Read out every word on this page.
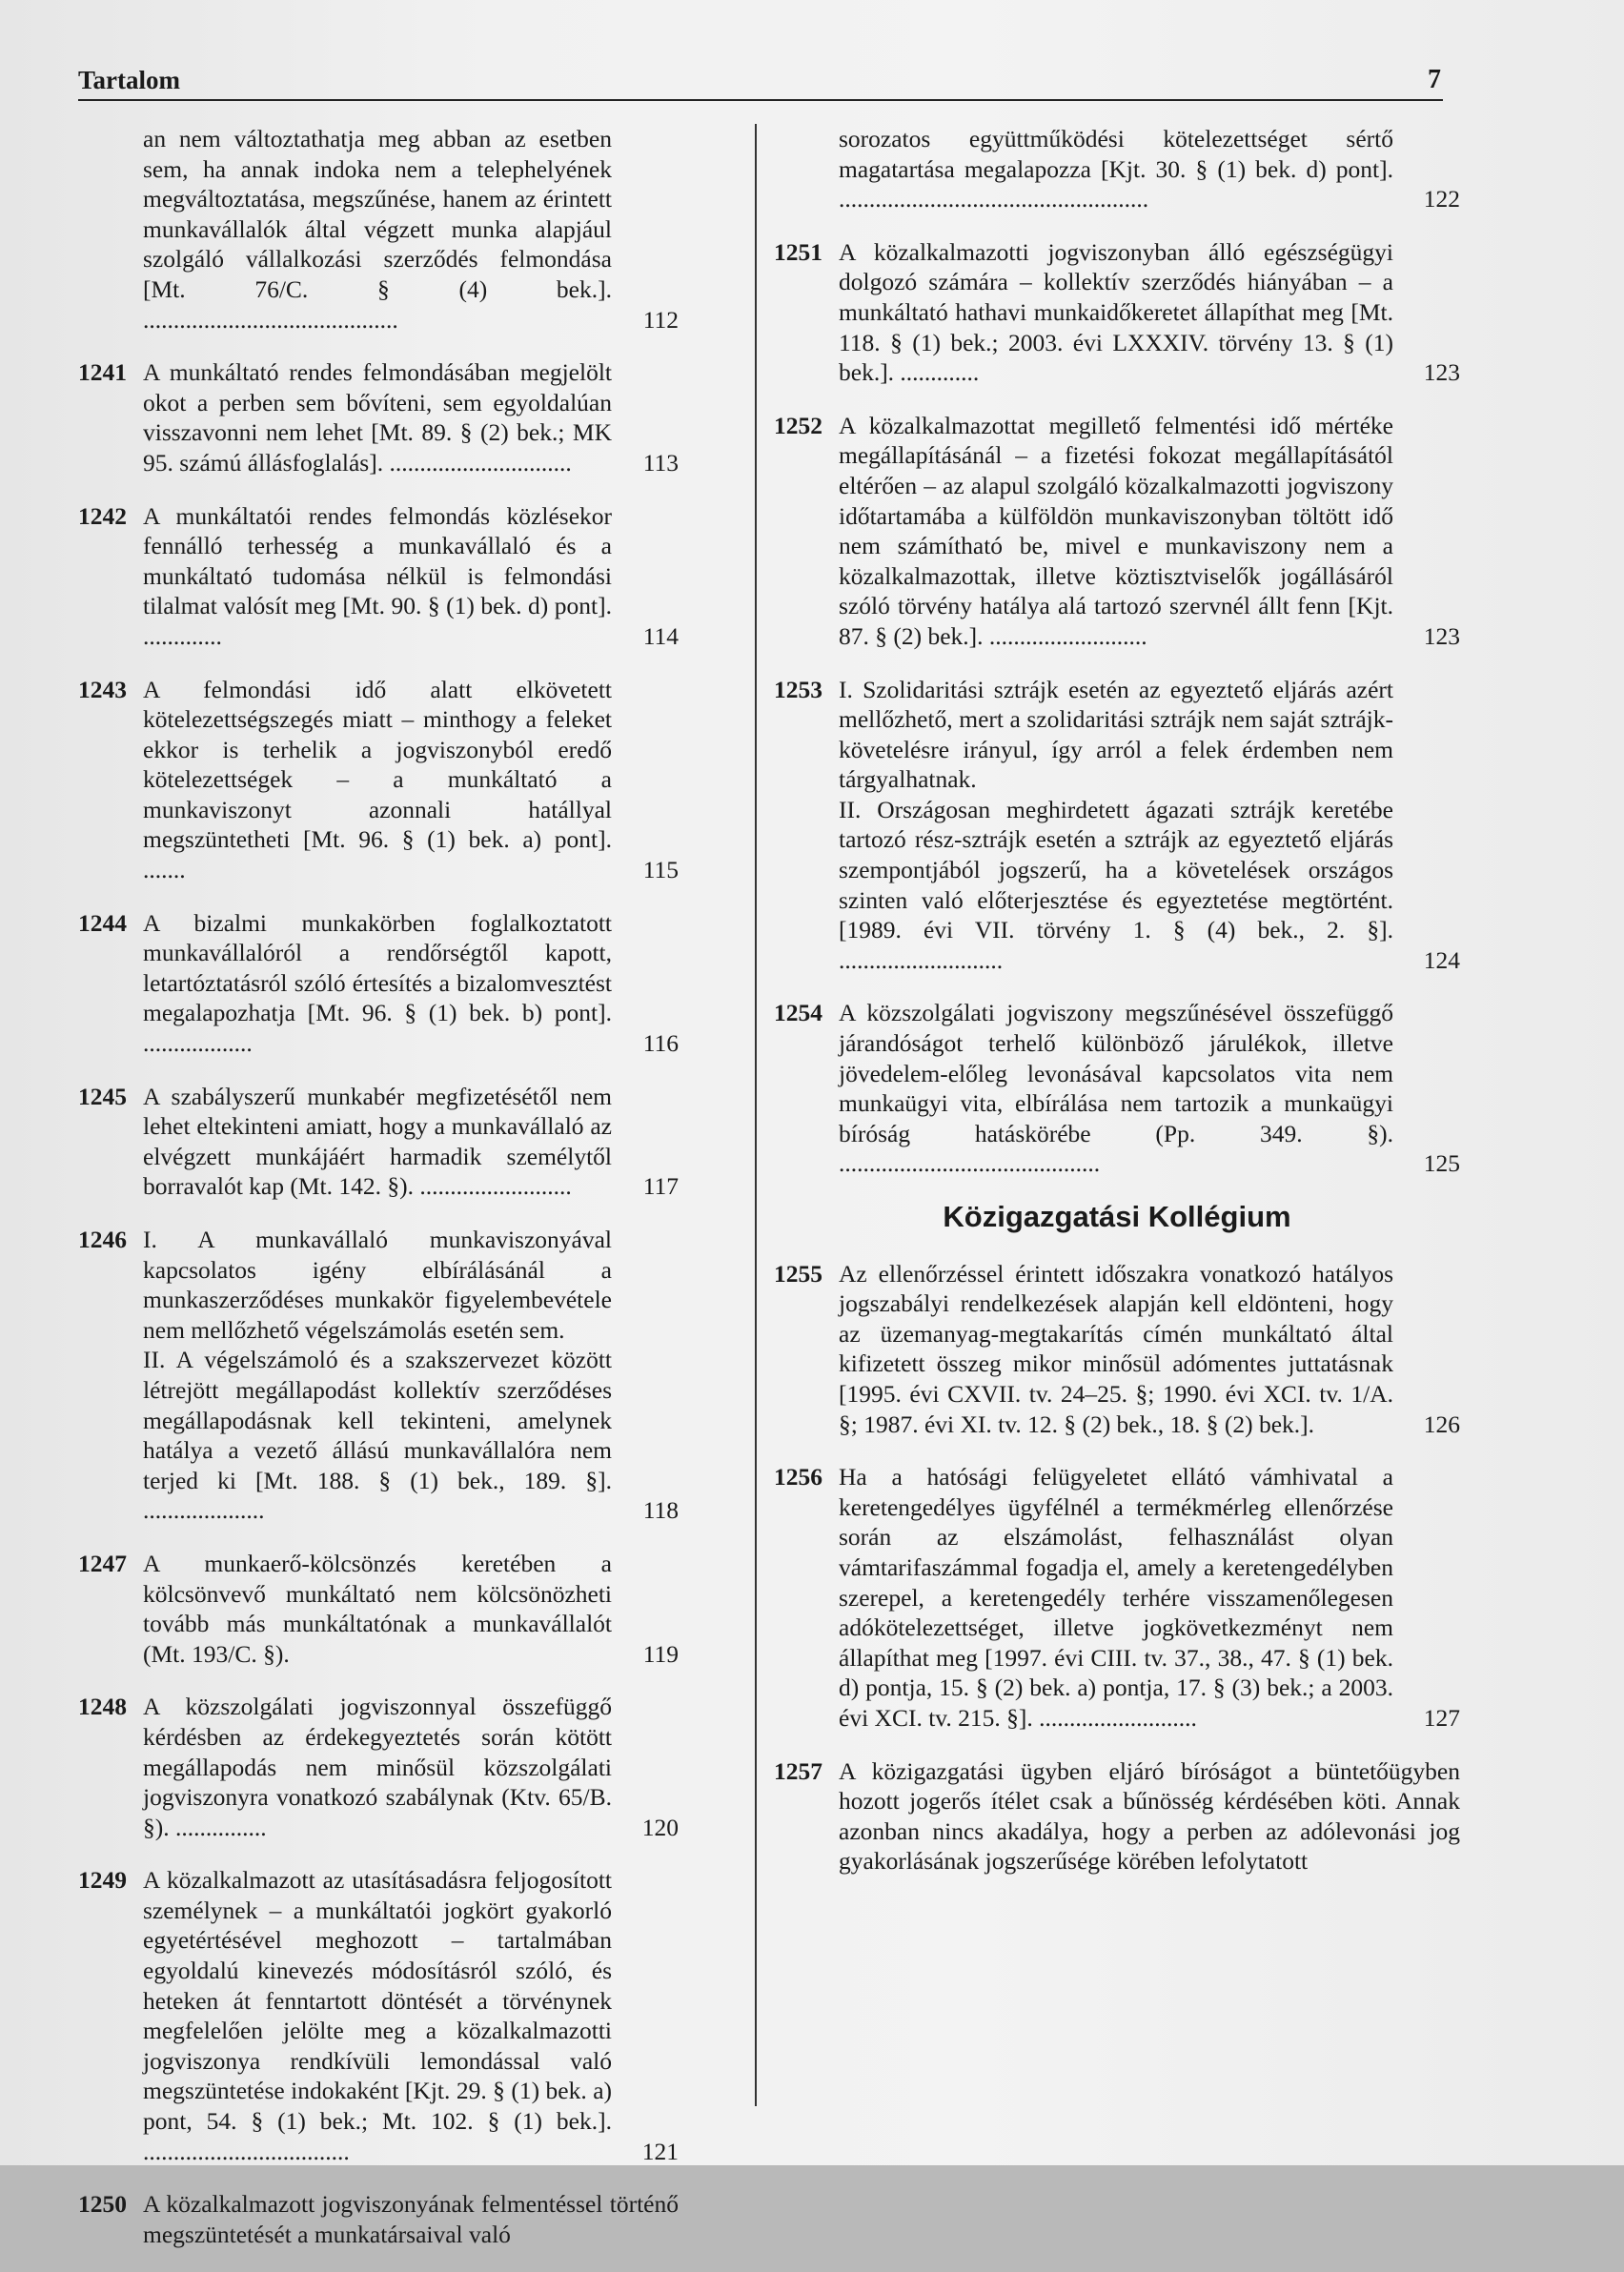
Tartalom	7

an nem változtathatja meg abban az esetben sem, ha annak indoka nem a telephelyének megváltoztatása, megszűnése, hanem az érintett munkavállalók által végzett munka alapjául szolgáló vállalkozási szerződés felmondása [Mt. 76/C. § (4) bek.]. ..........................................	112
1241 A munkáltató rendes felmondásában megjelölt okot a perben sem bővíteni, sem egyoldalúan visszavonni nem lehet [Mt. 89. § (2) bek.; MK 95. számú állásfoglalás]. ..............................	113
1242 A munkáltatói rendes felmondás közlésekor fennálló terhesség a munkavállaló és a munkáltató tudomása nélkül is felmondási tilalmat valósít meg [Mt. 90. § (1) bek. d) pont]. .............	114
1243 A felmondási idő alatt elkövetett kötelezettségszegés miatt – minthogy a feleket ekkor is terhelik a jogviszonyból eredő kötelezettségek – a munkáltató a munkaviszonyt azonnali hatállyal megszüntetheti [Mt. 96. § (1) bek. a) pont]. .......	115
1244 A bizalmi munkakörben foglalkoztatott munkavállalóról a rendőrségtől kapott, letartóztatásról szóló értesítés a bizalomvesztést megalapozhatja [Mt. 96. § (1) bek. b) pont]. ..................	116
1245 A szabályszerű munkabér megfizetésétől nem lehet eltekinteni amiatt, hogy a munkavállaló az elvégzett munkájáért harmadik személytől borravalót kap (Mt. 142. §). .........................	117
1246 I. A munkavállaló munkaviszonyával kapcsolatos igény elbírálásánál a munkaszerződéses munkakör figyelembevétele nem mellőzhető végelszámolás esetén sem.

II. A végelszámoló és a szakszervezet között létrejött megállapodást kollektív szerződéses megállapodásnak kell tekinteni, amelynek hatálya a vezető állású munkavállalóra nem terjed ki [Mt. 188. § (1) bek., 189. §]. ....................	118
1247 A munkaerő-kölcsönzés keretében a kölcsönvevő munkáltató nem kölcsönözheti tovább más munkáltatónak a munkavállalót (Mt. 193/C. §).	119
1248 A közszolgálati jogviszonnyal összefüggő kérdésben az érdekegyeztetés során kötött megállapodás nem minősül közszolgálati jogviszonyra vonatkozó szabálynak (Ktv. 65/B. §). ...............	120
1249 A közalkalmazott az utasításadásra feljogosított személynek – a munkáltatói jogkört gyakorló egyetértésével meghozott – tartalmában egyoldalú kinevezés módosításról szóló, és heteken át fenntartott döntését a törvénynek megfelelően jelölte meg a közalkalmazotti jogviszonya rendkívüli lemondással való megszüntetése indokaként [Kjt. 29. § (1) bek. a) pont, 54. § (1) bek.; Mt. 102. § (1) bek.]. ..................................	121
1250 A közalkalmazott jogviszonyának felmentéssel történő megszüntetését a munkatársaival való

sorozatos együttműködési kötelezettséget sértő magatartása megalapozza [Kjt. 30. § (1) bek. d) pont]. ...................................................	122
1251 A közalkalmazotti jogviszonyban álló egészségügyi dolgozó számára – kollektív szerződés hiányában – a munkáltató hathavi munkaidőkeretet állapíthat meg [Mt. 118. § (1) bek.; 2003. évi LXXXIV. törvény 13. § (1) bek.]. .............	123
1252 A közalkalmazottat megillető felmentési idő mértéke megállapításánál – a fizetési fokozat megállapításától eltérően – az alapul szolgáló közalkalmazotti jogviszony időtartamába a külföldön munkaviszonyban töltött idő nem számítható be, mivel e munkaviszony nem a közalkalmazottak, illetve köztisztviselők jogállásáról szóló törvény hatálya alá tartozó szervnél állt fenn [Kjt. 87. § (2) bek.]. ..........................	123
1253 I. Szolidaritási sztrájk esetén az egyeztető eljárás azért mellőzhető, mert a szolidaritási sztrájk nem saját sztrájk-követelésre irányul, így arról a felek érdemben nem tárgyalhatnak.

II. Országosan meghirdetett ágazati sztrájk keretébe tartozó rész-sztrájk esetén a sztrájk az egyeztető eljárás szempontjából jogszerű, ha a követelések országos szinten való előterjesztése és egyeztetése megtörtént. [1989. évi VII. törvény 1. § (4) bek., 2. §]. ...........................	124
1254 A közszolgálati jogviszony megszűnésével összefüggő járandóságot terhelő különböző járulékok, illetve jövedelem-előleg levonásával kapcsolatos vita nem munkaügyi vita, elbírálása nem tartozik a munkaügyi bíróság hatáskörébe (Pp. 349. §). ...........................................	125
Közigazgatási Kollégium
1255 Az ellenőrzéssel érintett időszakra vonatkozó hatályos jogszabályi rendelkezések alapján kell eldönteni, hogy az üzemanyag-megtakarítás címén munkáltató által kifizetett összeg mikor minősül adómentes juttatásnak [1995. évi CXVII. tv. 24–25. §; 1990. évi XCI. tv. 1/A. §; 1987. évi XI. tv. 12. § (2) bek., 18. § (2) bek.].	126
1256 Ha a hatósági felügyeletet ellátó vámhivatal a keretengedélyes ügyfélnél a termékmérleg ellenőrzése során az elszámolást, felhasználást olyan vámtarifaszámmal fogadja el, amely a keretengedélyben szerepel, a keretengedély terhére visszamenőlegesen adókötelezettséget, illetve jogkövetkezményt nem állapíthat meg [1997. évi CIII. tv. 37., 38., 47. § (1) bek. d) pontja, 15. § (2) bek. a) pontja, 17. § (3) bek.; a 2003. évi XCI. tv. 215. §]. ..........................	127
1257 A közigazgatási ügyben eljáró bíróságot a büntetőügyben hozott jogerős ítélet csak a bűnösség kérdésében köti. Annak azonban nincs akadálya, hogy a perben az adólevonási jog gyakorlásának jogszerűsége körében lefolytatott
